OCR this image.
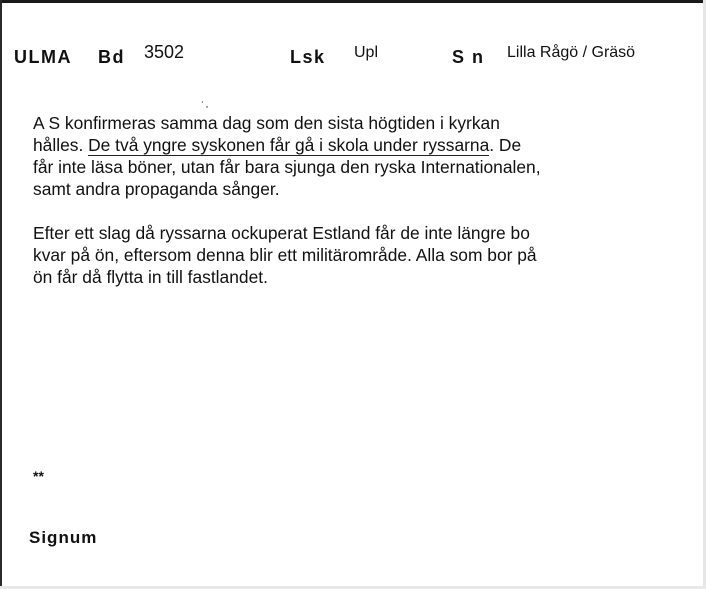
ULMA Bd 3502	Lsk Upl	S n Lilla Rågö / Gräsö
˙·
A S konfirmeras samma dag som den sista högtiden i kyrkan
hålles. De två yngre syskonen får gå i skola under ryssarna. De
får inte läsa böner, utan får bara sjunga den ryska Internationalen,
samt andra propaganda sånger.
Efter ett slag då ryssarna ockuperat Estland får de inte längre bo
kvar på ön, eftersom denna blir ett militärområde. Alla som bor på
ön får då flytta in till fastlandet.
**
Signum
